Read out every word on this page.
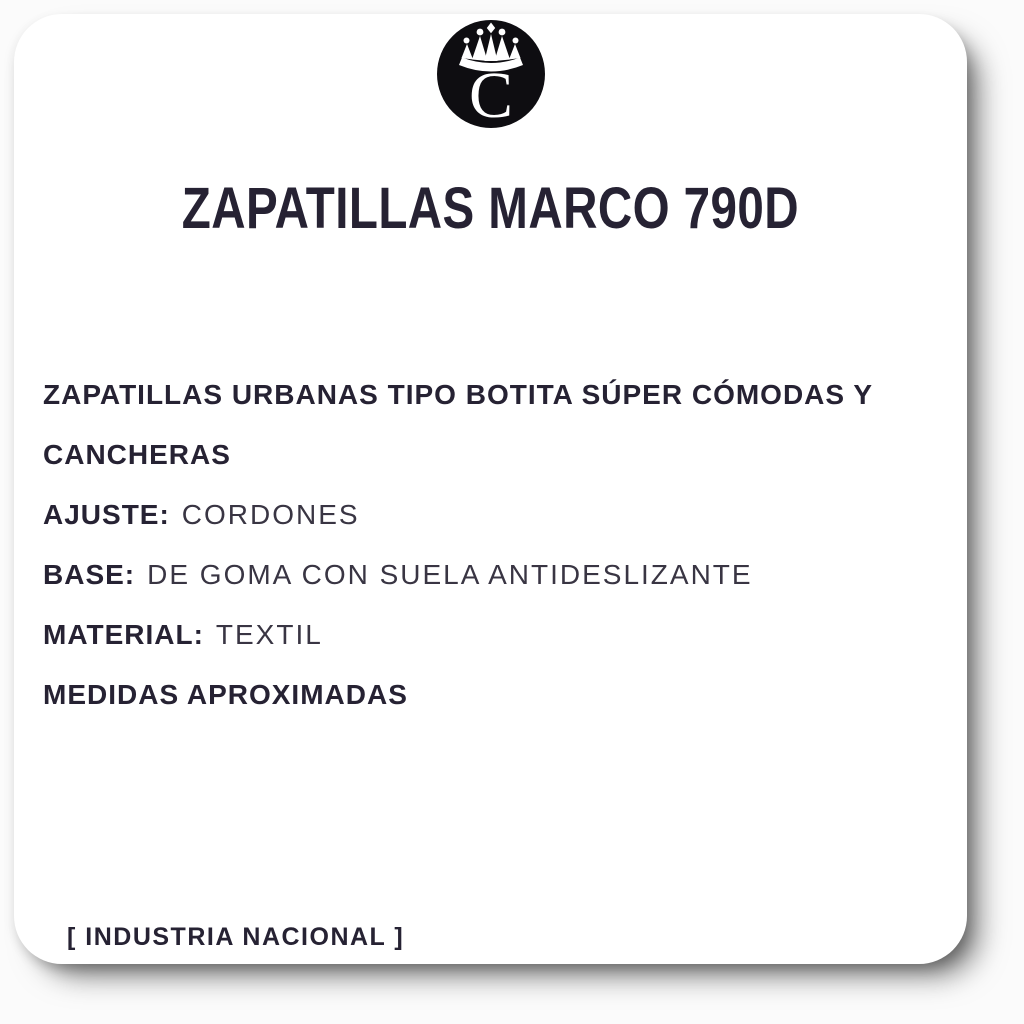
C
ZAPATILLAS MARCO 790D

ZAPATILLAS URBANAS TIPO BOTITA SÚPER CÓMODAS Y

CANCHERAS

AJUSTE: CORDONES

BASE: DE GOMA CON SUELA ANTIDESLIZANTE

MATERIAL: TEXTIL

MEDIDAS APROXIMADAS

[ INDUSTRIA NACIONAL ]
